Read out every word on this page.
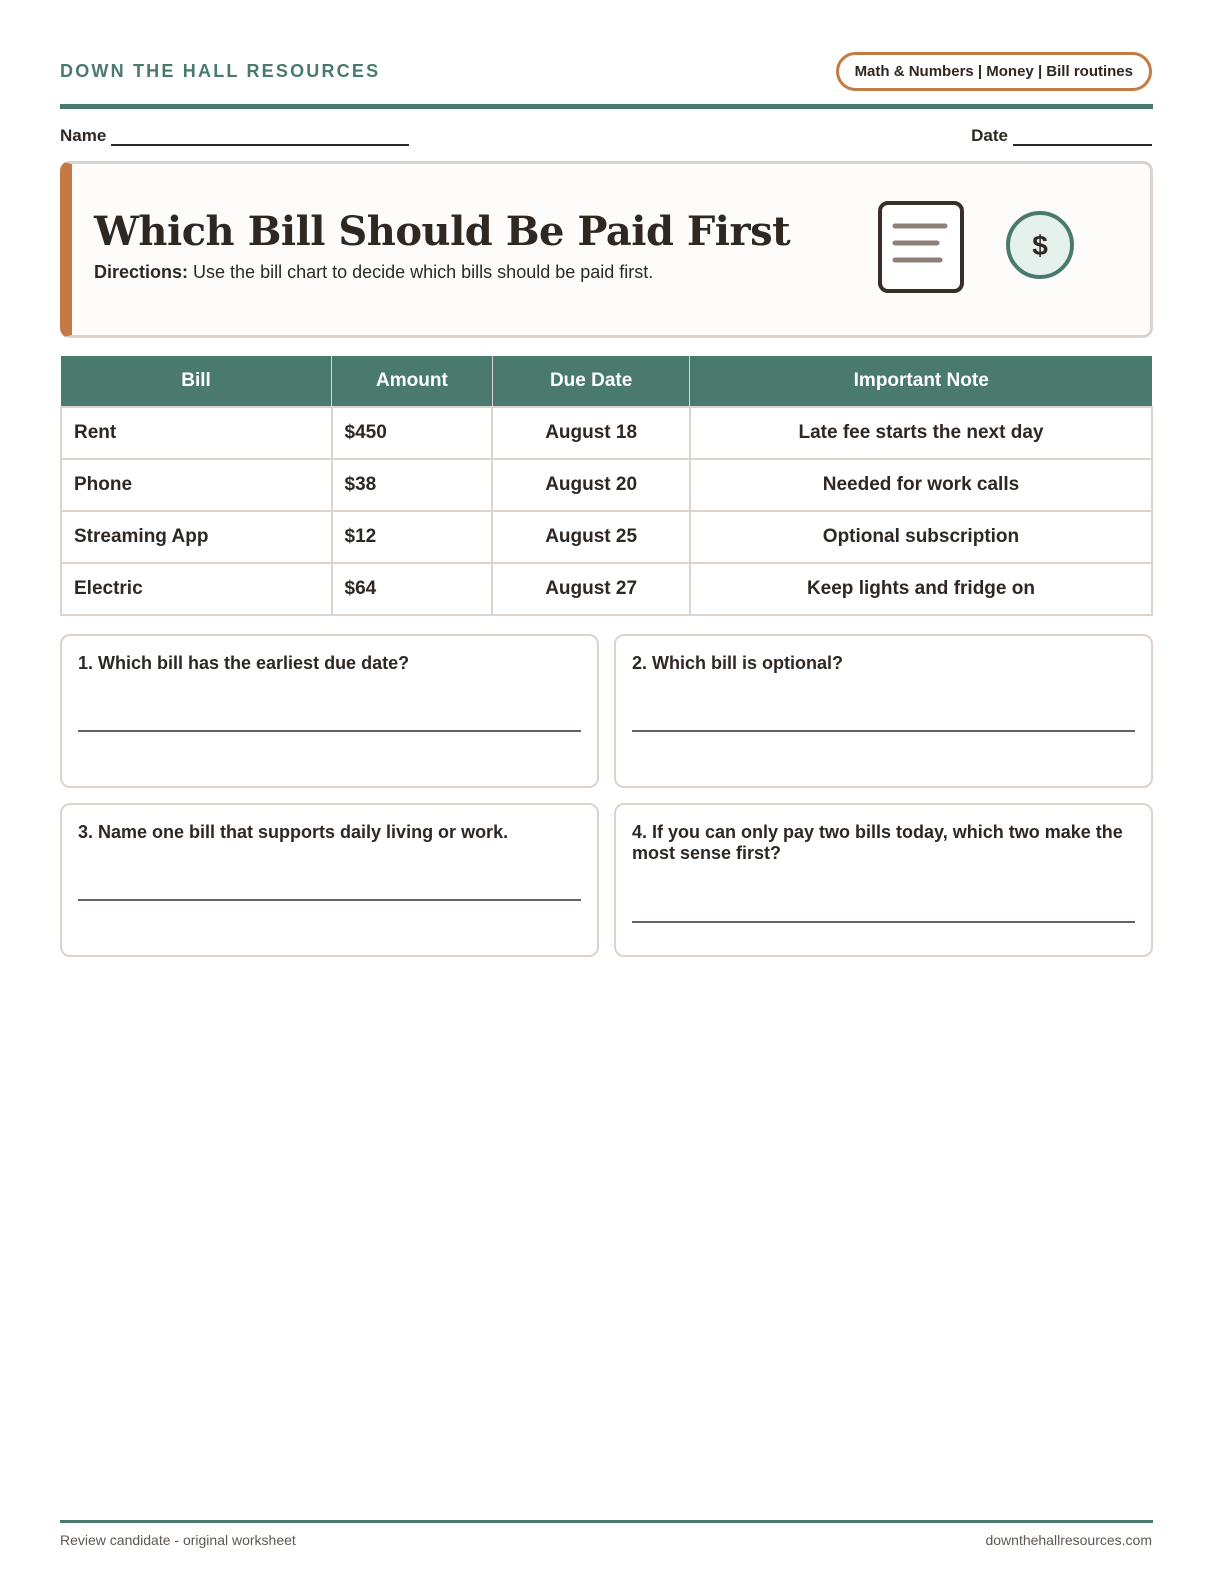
DOWN THE HALL RESOURCES	Math & Numbers | Money | Bill routines
Name	Date
Which Bill Should Be Paid First
Directions: Use the bill chart to decide which bills should be paid first.
$
Bill	Amount	Due Date	Important Note
Rent	$450	August 18	Late fee starts the next day
Phone	$38	August 20	Needed for work calls
Streaming App	$12	August 25	Optional subscription
Electric	$64	August 27	Keep lights and fridge on
1. Which bill has the earliest due date?	2. Which bill is optional?
3. Name one bill that supports daily living or work.	4. If you can only pay two bills today, which two make the most sense first?
Review candidate - original worksheet	downthehallresources.com
